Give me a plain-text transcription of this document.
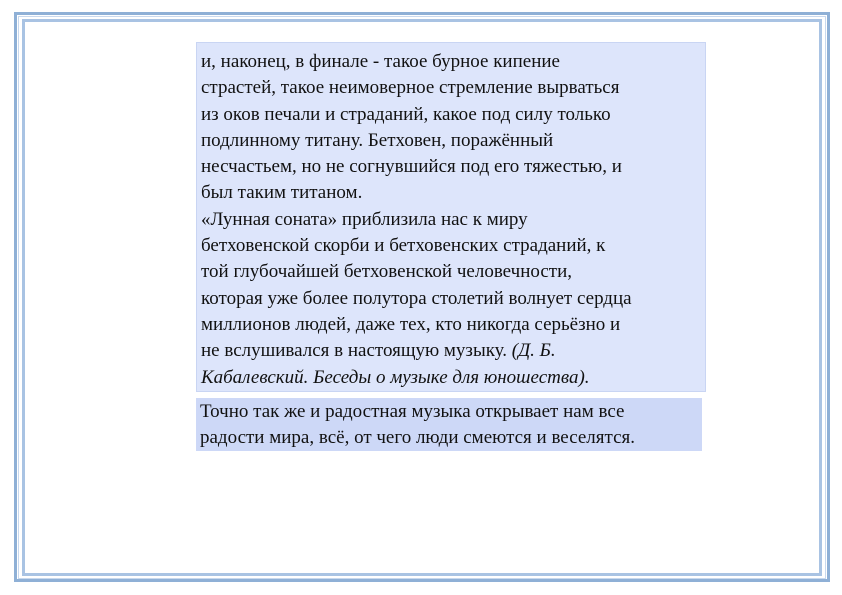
и, наконец, в финале - такое бурное кипение
страстей, такое неимоверное стремление вырваться
из оков печали и страданий, какое под силу только
подлинному титану. Бетховен, поражённый
несчастьем, но не согнувшийся под его тяжестью, и
был таким титаном.
«Лунная соната» приблизила нас к миру
бетховенской скорби и бетховенских страданий, к
той глубочайшей бетховенской человечности,
которая уже более полутора столетий волнует сердца
миллионов людей, даже тех, кто никогда серьёзно и
не вслушивался в настоящую музыку. (Д. Б.
Кабалевский. Беседы о музыке для юношества).
Точно так же и радостная музыка открывает нам все
радости мира, всё, от чего люди смеются и веселятся.
